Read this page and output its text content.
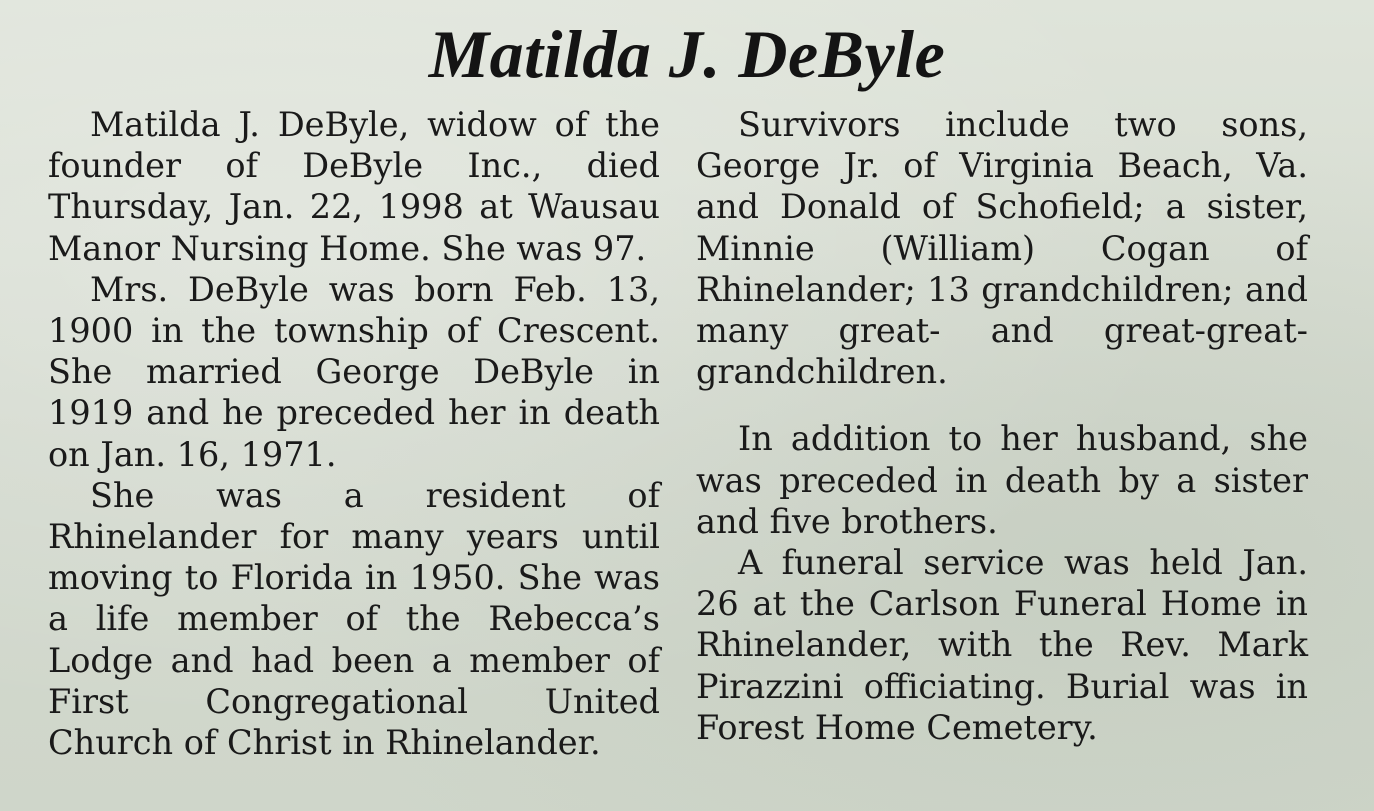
Matilda J. DeByle

Matilda J. DeByle, widow of the founder of DeByle Inc., died Thursday, Jan. 22, 1998 at Wausau Manor Nursing Home. She was 97.

Mrs. DeByle was born Feb. 13, 1900 in the township of Crescent. She married George DeByle in 1919 and he preceded her in death on Jan. 16, 1971.

She was a resident of Rhinelander for many years until moving to Florida in 1950. She was a life member of the Rebecca’s Lodge and had been a member of First Congregational United Church of Christ in Rhinelander.

Survivors include two sons, George Jr. of Virginia Beach, Va. and Donald of Schofield; a sister, Minnie (William) Cogan of Rhinelander; 13 grandchildren; and many great- and great-great-grandchildren.

In addition to her husband, she was preceded in death by a sister and five brothers.

A funeral service was held Jan. 26 at the Carlson Funeral Home in Rhinelander, with the Rev. Mark Pirazzini officiating. Burial was in Forest Home Cemetery.
